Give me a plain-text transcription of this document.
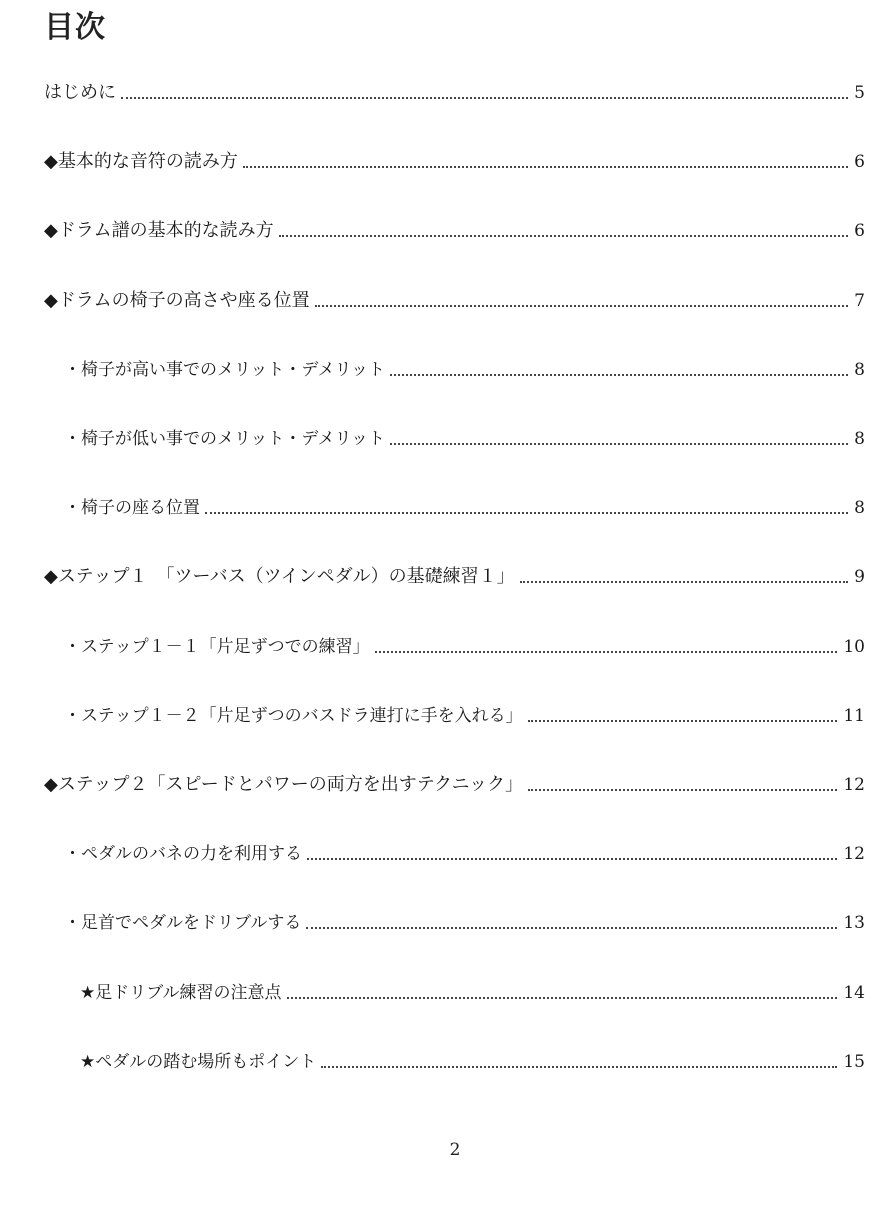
目次
はじめに	5
◆基本的な音符の読み方	6
◆ドラム譜の基本的な読み方	6
◆ドラムの椅子の高さや座る位置	7
・椅子が高い事でのメリット・デメリット	8
・椅子が低い事でのメリット・デメリット	8
・椅子の座る位置	8
◆ステップ１　「ツーバス（ツインペダル）の基礎練習１」	9
・ステップ１－１「片足ずつでの練習」	10
・ステップ１－２「片足ずつのバスドラ連打に手を入れる」	11
◆ステップ２「スピードとパワーの両方を出すテクニック」	12
・ペダルのバネの力を利用する	12
・足首でペダルをドリブルする	13
★足ドリブル練習の注意点	14
★ペダルの踏む場所もポイント	15
2
